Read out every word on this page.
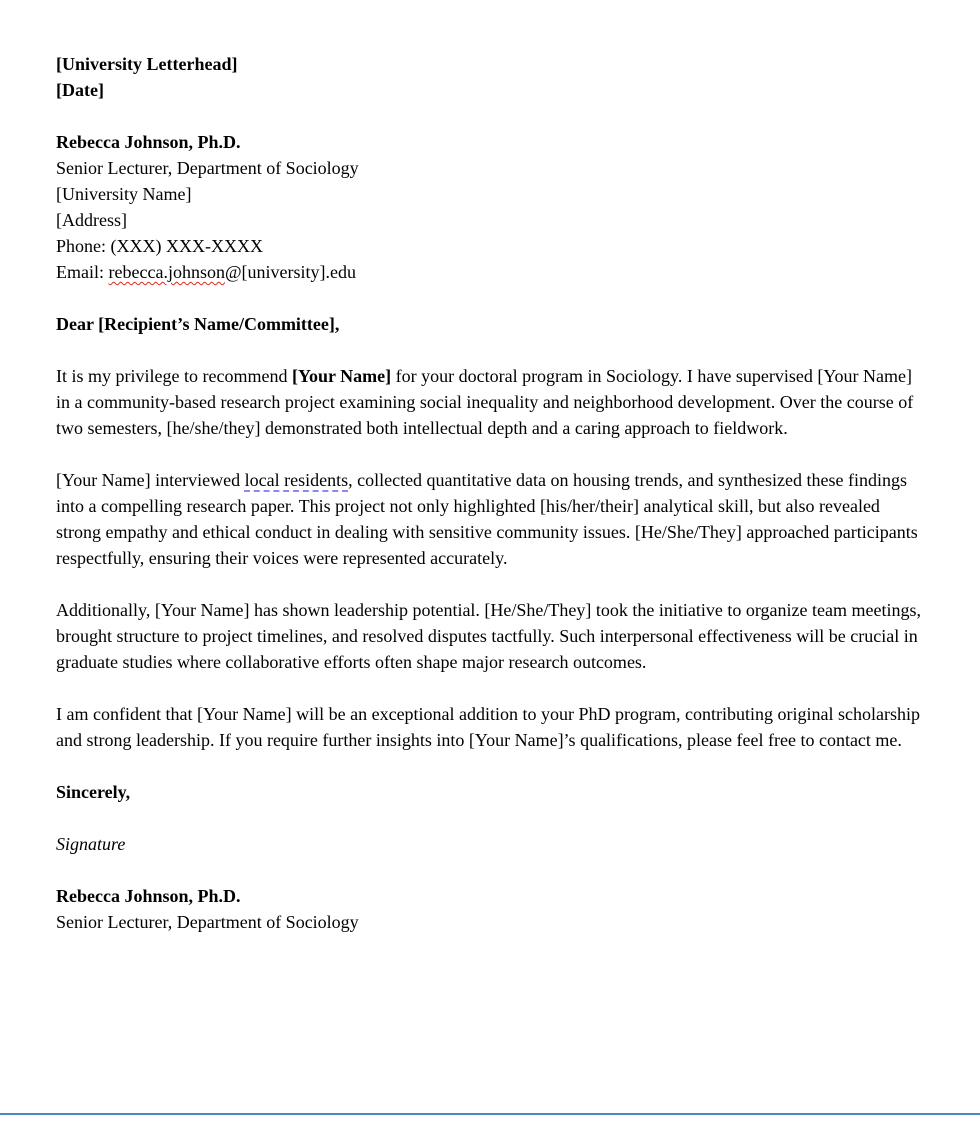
[University Letterhead]

[Date]

Rebecca Johnson, Ph.D.

Senior Lecturer, Department of Sociology

[University Name]

[Address]

Phone: (XXX) XXX-XXXX

Email: rebecca.johnson@[university].edu

Dear [Recipient’s Name/Committee],

It is my privilege to recommend [Your Name] for your doctoral program in Sociology. I have supervised [Your Name] in a community-based research project examining social inequality and neighborhood development. Over the course of two semesters, [he/she/they] demonstrated both intellectual depth and a caring approach to fieldwork.

[Your Name] interviewed local residents, collected quantitative data on housing trends, and synthesized these findings into a compelling research paper. This project not only highlighted [his/her/their] analytical skill, but also revealed strong empathy and ethical conduct in dealing with sensitive community issues. [He/She/They] approached participants respectfully, ensuring their voices were represented accurately.

Additionally, [Your Name] has shown leadership potential. [He/She/They] took the initiative to organize team meetings, brought structure to project timelines, and resolved disputes tactfully. Such interpersonal effectiveness will be crucial in graduate studies where collaborative efforts often shape major research outcomes.

I am confident that [Your Name] will be an exceptional addition to your PhD program, contributing original scholarship and strong leadership. If you require further insights into [Your Name]’s qualifications, please feel free to contact me.

Sincerely,

Signature

Rebecca Johnson, Ph.D.

Senior Lecturer, Department of Sociology
